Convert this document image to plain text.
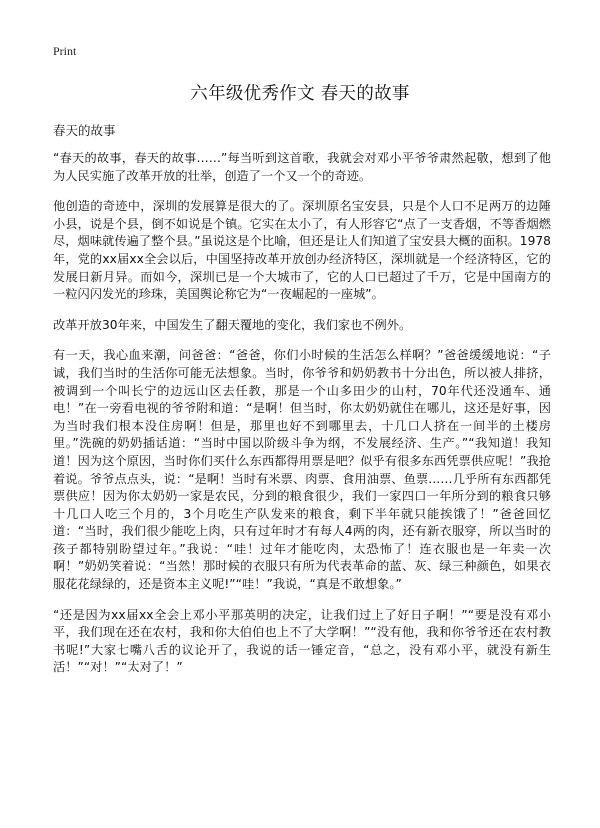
Print
六年级优秀作文 春天的故事
春天的故事

“春天的故事，春天的故事……”每当听到这首歌，我就会对邓小平爷爷肃然起敬，想到了他为人民实施了改革开放的壮举，创造了一个又一个的奇迹。

他创造的奇迹中，深圳的发展算是很大的了。深圳原名宝安县，只是个人口不足两万的边陲小县，说是个县，倒不如说是个镇。它实在太小了，有人形容它“点了一支香烟，不等香烟燃尽，烟味就传遍了整个县。”虽说这是个比喻，但还是让人们知道了宝安县大概的面积。1978年，党的xx届xx全会以后，中国坚持改革开放创办经济特区，深圳就是一个经济特区，它的发展日新月异。而如今，深圳已是一个大城市了，它的人口已超过了千万，它是中国南方的一粒闪闪发光的珍珠，美国舆论称它为“一夜崛起的一座城”。

改革开放30年来，中国发生了翻天覆地的变化，我们家也不例外。

有一天，我心血来潮，问爸爸：“爸爸，你们小时候的生活怎么样啊？”爸爸缓缓地说：“子诚，我们当时的生活你可能无法想象。当时，你爷爷和奶奶教书十分出色，所以被人排挤，被调到一个叫长宁的边远山区去任教，那是一个山多田少的山村，70年代还没通车、通电！”在一旁看电视的爷爷附和道：“是啊！但当时，你太奶奶就住在哪儿，这还是好事，因为当时我们根本没住房啊！但是，那里也好不到哪里去，十几口人挤在一间半的土楼房里。”洗碗的奶奶插话道：“当时中国以阶级斗争为纲，不发展经济、生产。”“我知道！我知道！因为这个原因，当时你们买什么东西都得用票是吧？似乎有很多东西凭票供应呢！”我抢着说。爷爷点点头，说：“是啊！当时有米票、肉票、食用油票、鱼票……几乎所有东西都凭票供应！因为你太奶奶一家是农民，分到的粮食很少，我们一家四口一年所分到的粮食只够十几口人吃三个月的，3个月吃生产队发来的粮食，剩下半年就只能挨饿了！”爸爸回忆道：“当时，我们很少能吃上肉，只有过年时才有每人4两的肉，还有新衣服穿，所以当时的孩子都特别盼望过年。”我说：“哇！过年才能吃肉，太恐怖了！连衣服也是一年卖一次啊！”奶奶笑着说：“当然！那时候的衣服只有所为代表革命的蓝、灰、绿三种颜色，如果衣服花花绿绿的，还是资本主义呢!”“哇！”我说，“真是不敢想象。”

“还是因为xx届xx全会上邓小平那英明的决定，让我们过上了好日子啊！”“要是没有邓小平，我们现在还在农村，我和你大伯伯也上不了大学啊！”“没有他，我和你爷爷还在农村教书呢!”大家七嘴八舌的议论开了，我说的话一锤定音，“总之，没有邓小平，就没有新生活！”“对！”“太对了！”
